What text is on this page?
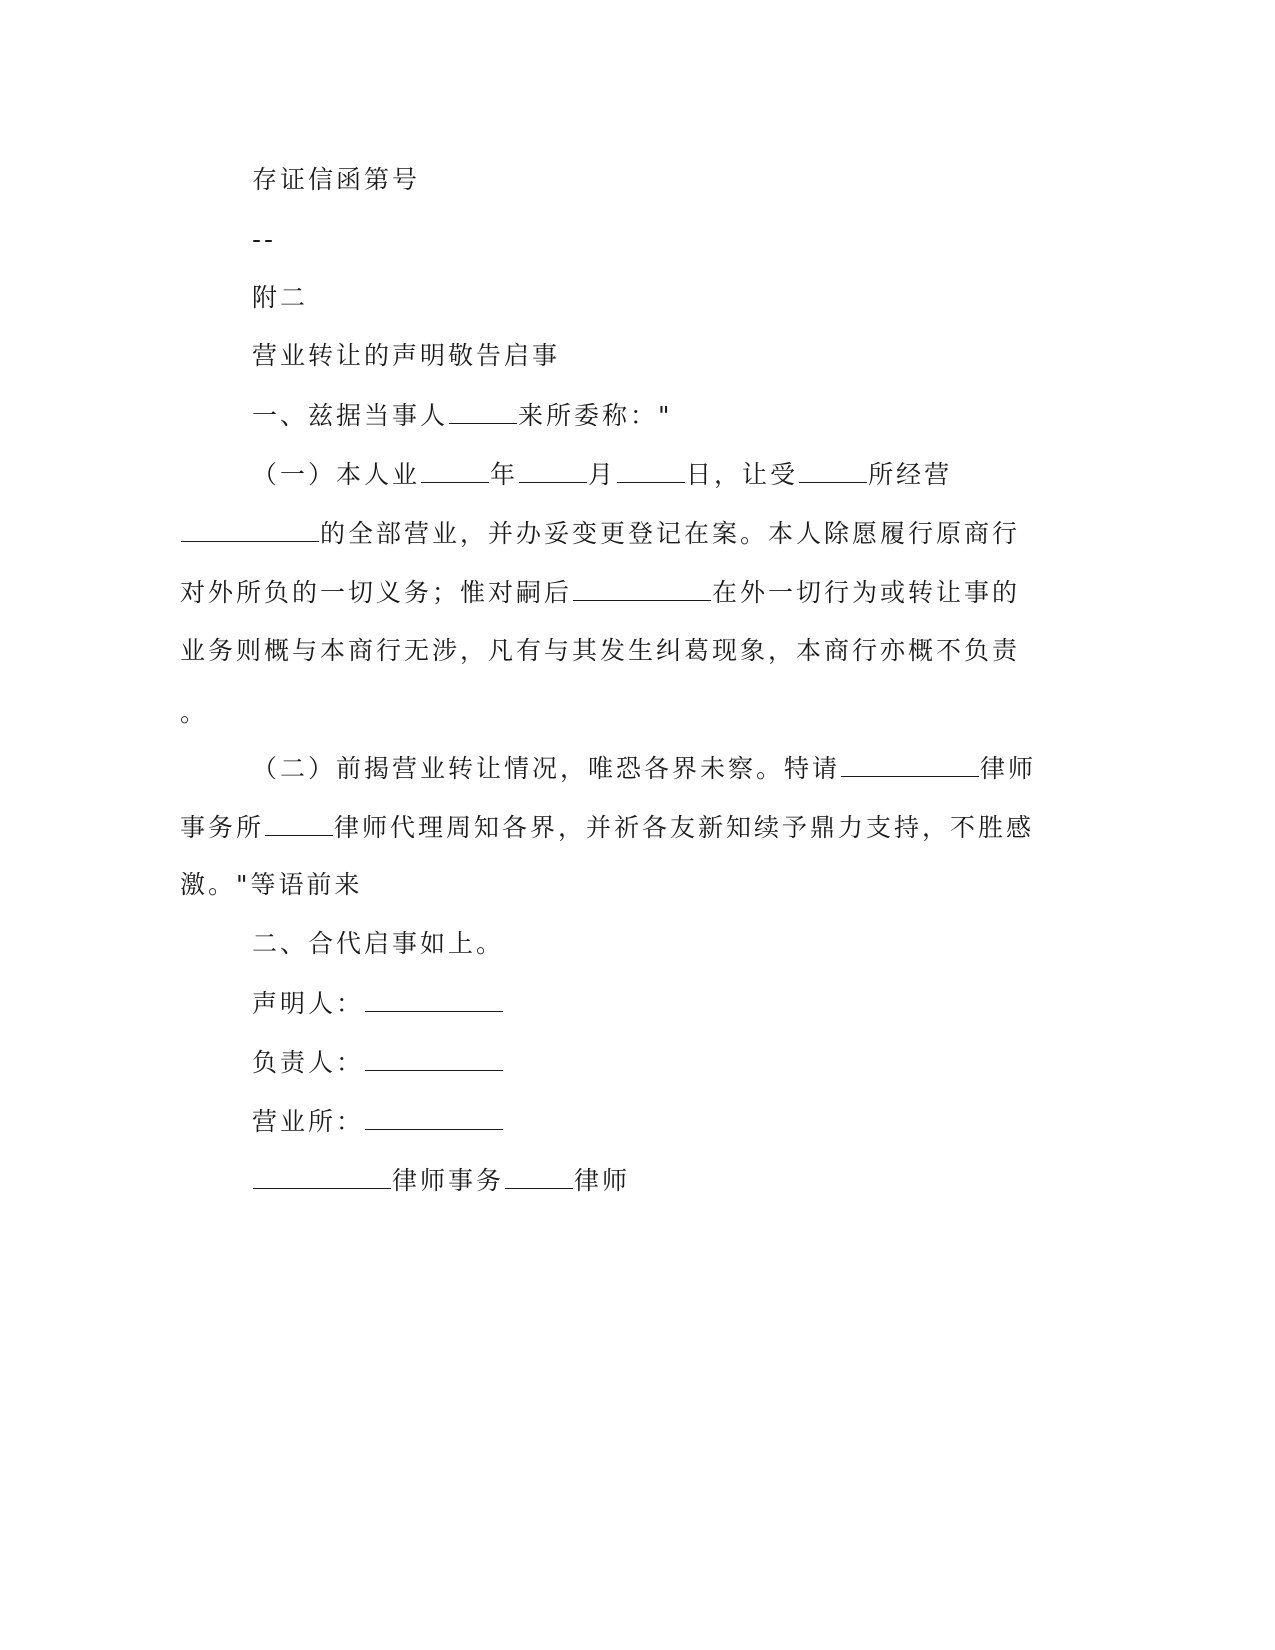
存证信函第号
--
附二
营业转让的声明敬告启事
一、兹据当事人	来所委称："
（一）本人业	年	月	日，让受	所经营
的全部营业，并办妥变更登记在案。本人除愿履行原商行
对外所负的一切义务；惟对嗣后	在外一切行为或转让事的
业务则概与本商行无涉，凡有与其发生纠葛现象，本商行亦概不负责
。
（二）前揭营业转让情况，唯恐各界未察。特请	律师
事务所	律师代理周知各界，并祈各友新知续予鼎力支持，不胜感
激。"等语前来
二、合代启事如上。
声明人：
负责人：
营业所：
律师事务	律师
